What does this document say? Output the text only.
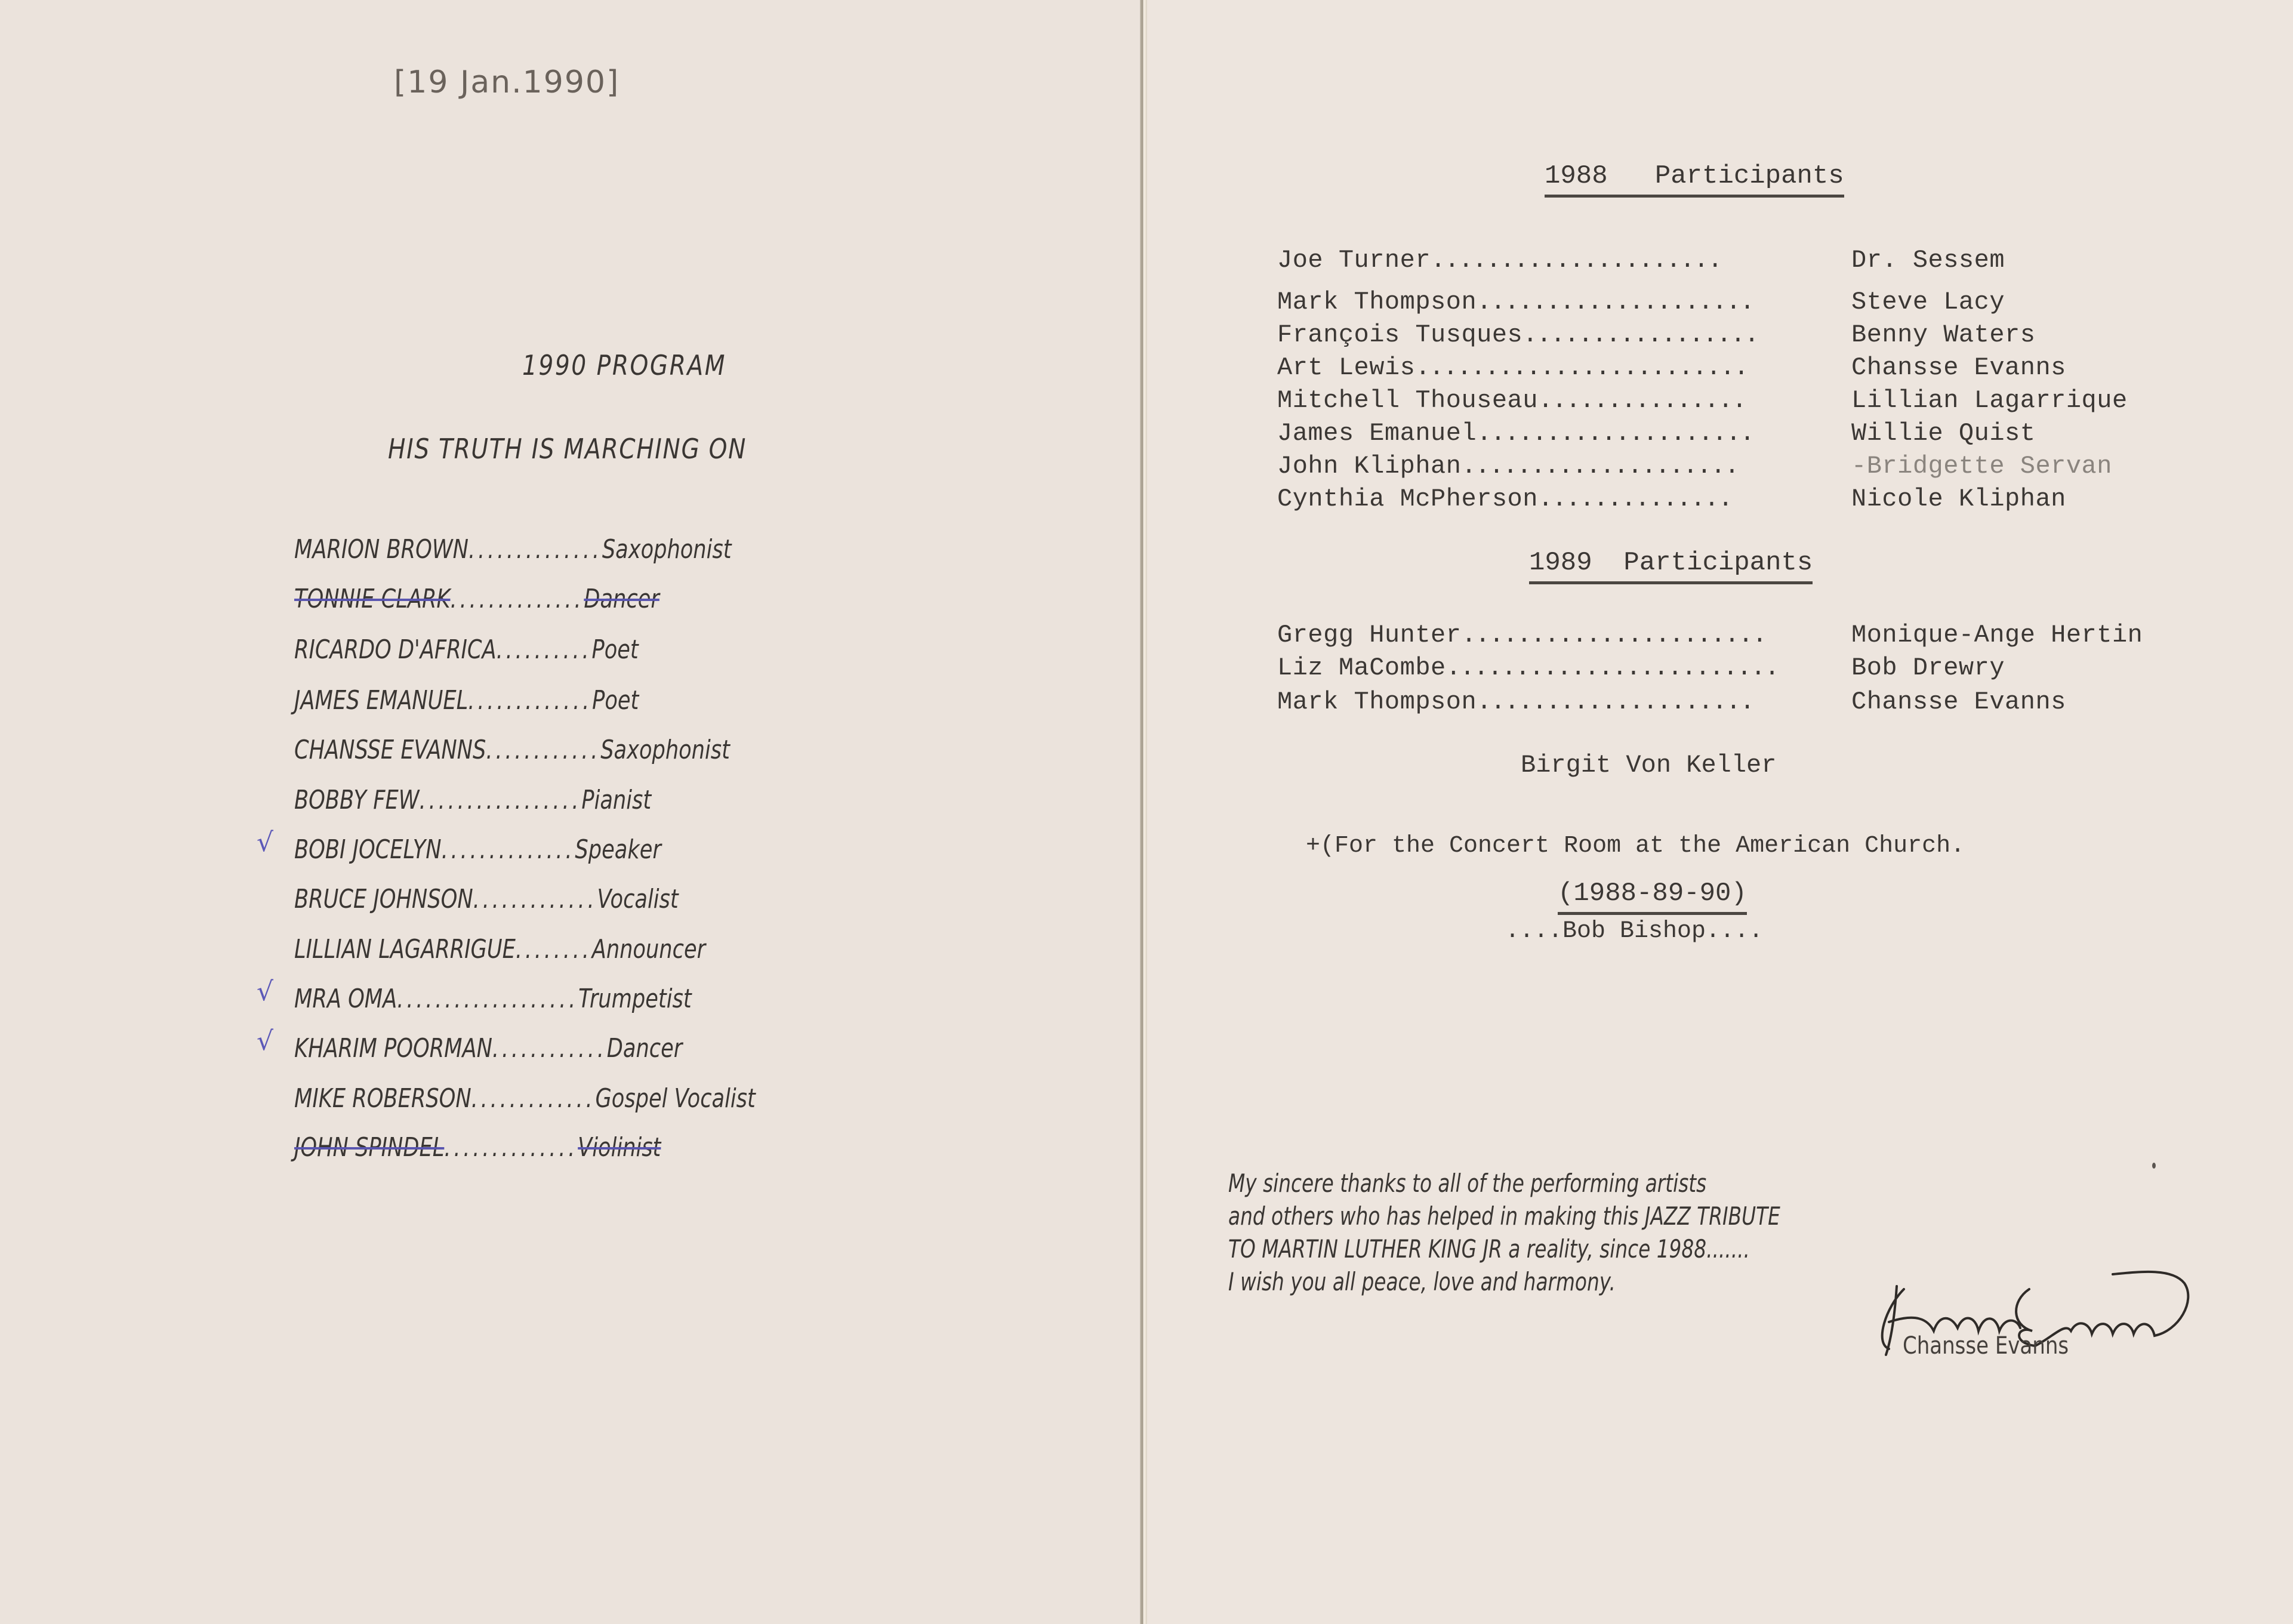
[19 Jan.1990]
1990 PROGRAM
HIS TRUTH IS MARCHING ON
MARION BROWN..............Saxophonist
TONNIE CLARK..............Dancer
RICARDO D'AFRICA..........Poet
JAMES EMANUEL.............Poet
CHANSSE EVANNS............Saxophonist
BOBBY FEW.................Pianist
BOBI JOCELYN..............Speaker
√
BRUCE JOHNSON.............Vocalist
LILLIAN LAGARRIGUE........Announcer
MRA OMA...................Trumpetist
√
KHARIM POORMAN............Dancer
√
MIKE ROBERSON.............Gospel Vocalist
JOHN SPINDEL..............Violinist
1988   Participants
Joe Turner.....................	Dr. Sessem
Mark Thompson....................	Steve Lacy
François Tusques.................	Benny Waters
Art Lewis........................	Chansse Evanns
Mitchell Thouseau...............	Lillian Lagarrique
James Emanuel....................	Willie Quist
John Kliphan....................	-Bridgette Servan
Cynthia McPherson..............	Nicole Kliphan
1989  Participants
Gregg Hunter......................	Monique-Ange Hertin
Liz MaCombe........................	Bob Drewry
Mark Thompson....................	Chansse Evanns
Birgit Von Keller
+(For the Concert Room at the American Church.
(1988-89-90)
....Bob Bishop....
My sincere thanks to all of the performing artists
and others who has helped in making this JAZZ TRIBUTE
TO MARTIN LUTHER KING JR a reality, since 1988.......
I wish you all peace, love and harmony.
Chansse Evanns
